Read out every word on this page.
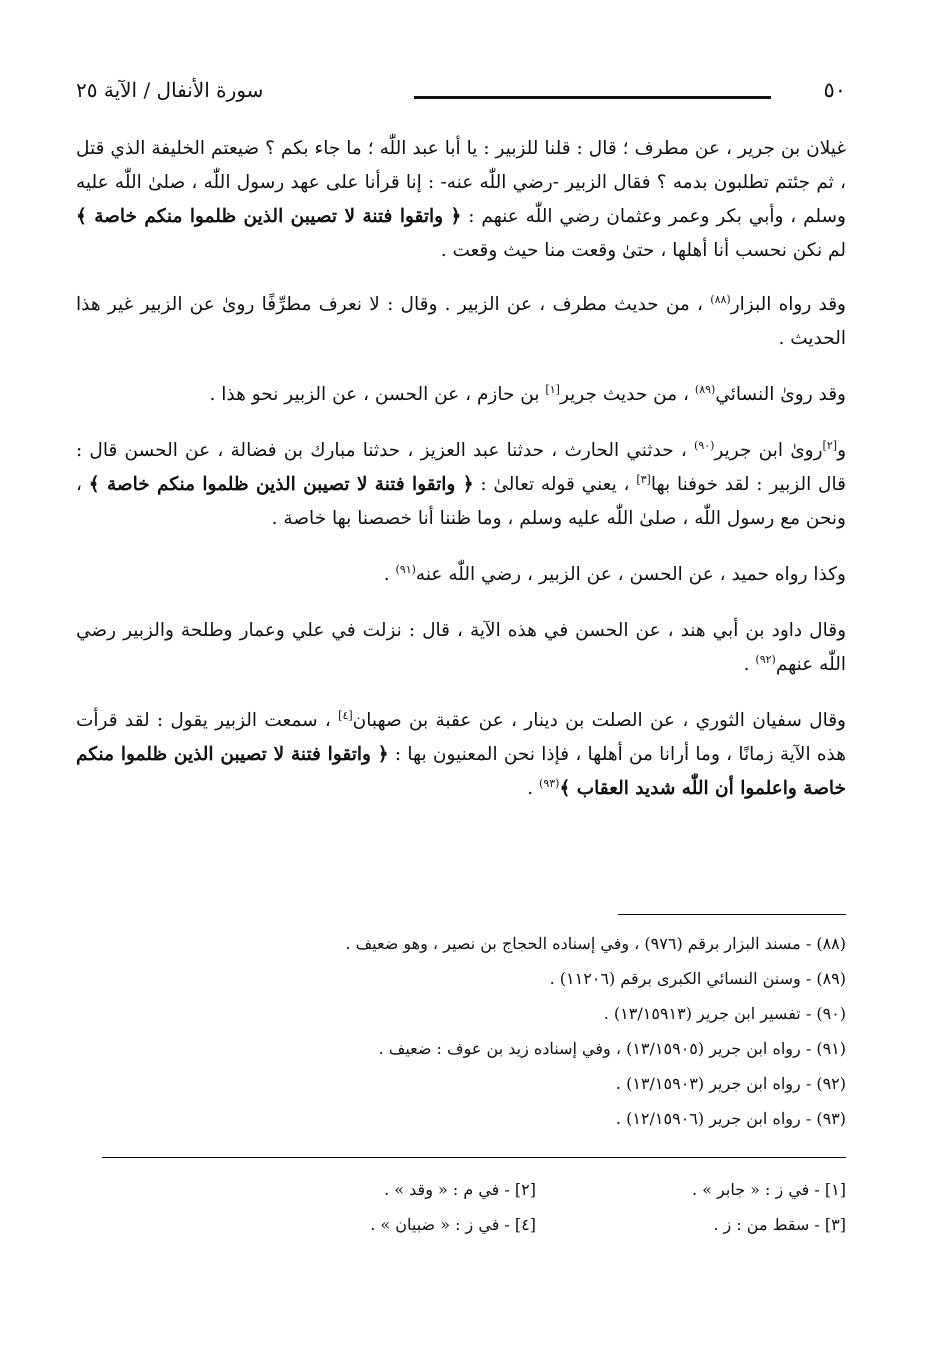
٥٠
سورة الأنفال / الآية ٢٥

غيلان بن جرير ، عن مطرف ؛ قال : قلنا للزبير : يا أبا عبد اللّٰه ؛ ما جاء بكم ؟ ضيعتم الخليفة الذي قتل ، ثم جئتم تطلبون بدمه ؟ فقال الزبير -رضي اللّٰه عنه- : إنا قرأنا على عهد رسول اللّٰه ، صلىٰ اللّٰه عليه وسلم ، وأبي بكر وعمر وعثمان رضي اللّٰه عنهم : ﴿ واتقوا فتنة لا تصيبن الذين ظلموا منكم خاصة ﴾ لم نكن نحسب أنا أهلها ، حتىٰ وقعت منا حيث وقعت .

وقد رواه البزار$^{(٨٨)}$ ، من حديث مطرف ، عن الزبير . وقال : لا نعرف مطرِّفًا روىٰ عن الزبير غير هذا الحديث .

وقد روىٰ النسائي$^{(٨٩)}$ ، من حديث جرير[١] بن حازم ، عن الحسن ، عن الزبير نحو هذا .

و[٢]روىٰ ابن جرير$^{(٩٠)}$ ، حدثني الحارث ، حدثنا عبد العزيز ، حدثنا مبارك بن فضالة ، عن الحسن قال : قال الزبير : لقد خوفنا بها[٣] ، يعني قوله تعالىٰ : ﴿ واتقوا فتنة لا تصيبن الذين ظلموا منكم خاصة ﴾ ، ونحن مع رسول اللّٰه ، صلىٰ اللّٰه عليه وسلم ، وما ظننا أنا خصصنا بها خاصة .

وكذا رواه حميد ، عن الحسن ، عن الزبير ، رضي اللّٰه عنه$^{(٩١)}$ .

وقال داود بن أبي هند ، عن الحسن في هذه الآية ، قال : نزلت في علي وعمار وطلحة والزبير رضي اللّٰه عنهم$^{(٩٢)}$ .

وقال سفيان الثوري ، عن الصلت بن دينار ، عن عقبة بن صهبان[٤] ، سمعت الزبير يقول : لقد قرأت هذه الآية زمانًا ، وما أرانا من أهلها ، فإذا نحن المعنيون بها : ﴿ واتقوا فتنة لا تصيبن الذين ظلموا منكم خاصة واعلموا أن اللّٰه شديد العقاب ﴾$^{(٩٣)}$ .

(٨٨) - مسند البزار برقم (٩٧٦) ، وفي إسناده الحجاج بن نصير ، وهو ضعيف .
(٨٩) - وسنن النسائي الكبرى برقم (١١٢٠٦) .
(٩٠) - تفسير ابن جرير (١٣/١٥٩١٣) .
(٩١) - رواه ابن جرير (١٣/١٥٩٠٥) ، وفي إسناده زيد بن عوف : ضعيف .
(٩٢) - رواه ابن جرير (١٣/١٥٩٠٣) .
(٩٣) - رواه ابن جرير (١٢/١٥٩٠٦) .
[١] - في ز : « جابر » .
[٢] - في م : « وقد » .
[٣] - سقط من : ز .
[٤] - في ز : « ضبيان » .
